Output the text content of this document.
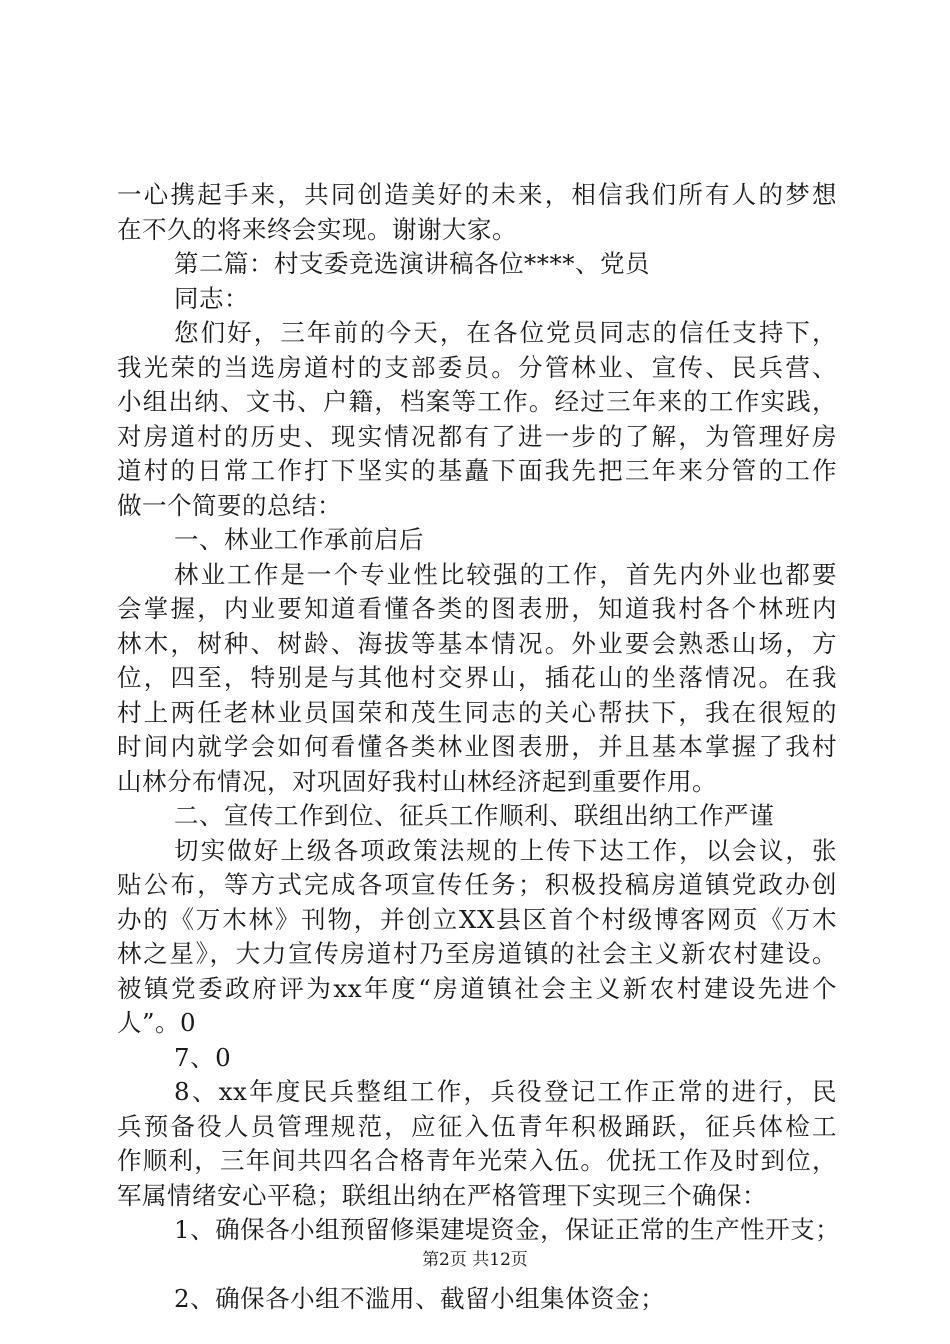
一心携起手来，共同创造美好的未来，相信我们所有人的梦想
在不久的将来终会实现。谢谢大家。
第二篇：村支委竞选演讲稿各位****、党员
同志：
您们好，三年前的今天，在各位党员同志的信任支持下，
我光荣的当选房道村的支部委员。分管林业、宣传、民兵营、
小组出纳、文书、户籍，档案等工作。经过三年来的工作实践，
对房道村的历史、现实情况都有了进一步的了解，为管理好房
道村的日常工作打下坚实的基矗下面我先把三年来分管的工作
做一个简要的总结：
一、林业工作承前启后
林业工作是一个专业性比较强的工作，首先内外业也都要
会掌握，内业要知道看懂各类的图表册，知道我村各个林班内
林木，树种、树龄、海拔等基本情况。外业要会熟悉山场，方
位，四至，特别是与其他村交界山，插花山的坐落情况。在我
村上两任老林业员国荣和茂生同志的关心帮扶下，我在很短的
时间内就学会如何看懂各类林业图表册，并且基本掌握了我村
山林分布情况，对巩固好我村山林经济起到重要作用。
二、宣传工作到位、征兵工作顺利、联组出纳工作严谨
切实做好上级各项政策法规的上传下达工作，以会议，张
贴公布，等方式完成各项宣传任务；积极投稿房道镇党政办创
办的《万木林》刊物，并创立XX县区首个村级博客网页《万木
林之星》，大力宣传房道村乃至房道镇的社会主义新农村建设。
被镇党委政府评为xx年度“房道镇社会主义新农村建设先进个
人”。0
7、0
8、xx年度民兵整组工作，兵役登记工作正常的进行，民
兵预备役人员管理规范，应征入伍青年积极踊跃，征兵体检工
作顺利，三年间共四名合格青年光荣入伍。优抚工作及时到位，
军属情绪安心平稳；联组出纳在严格管理下实现三个确保：
1、确保各小组预留修渠建堤资金，保证正常的生产性开支；
2、确保各小组不滥用、截留小组集体资金；
第2页 共12页
